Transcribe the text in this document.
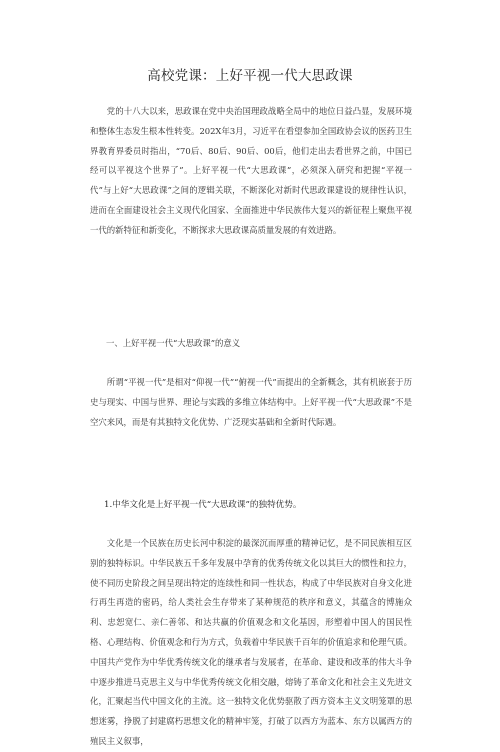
高校党课：上好平视一代大思政课

党的十八大以来，思政课在党中央治国理政战略全局中的地位日益凸显，发展环境和整体生态发生根本性转变。202X年3月，习近平在看望参加全国政协会议的医药卫生界教育界委员时指出，“70后、80后、90后、00后，他们走出去看世界之前，中国已经可以平视这个世界了”。上好平视一代“大思政课”，必须深入研究和把握“平视一代”与上好“大思政课”之间的逻辑关联，不断深化对新时代思政课建设的规律性认识，进而在全面建设社会主义现代化国家、全面推进中华民族伟大复兴的新征程上聚焦平视一代的新特征和新变化，不断探求大思政课高质量发展的有效进路。

一、上好平视一代“大思政课”的意义

所谓“平视一代”是相对“仰视一代”“俯视一代”而提出的全新概念，其有机嵌套于历史与现实、中国与世界、理论与实践的多维立体结构中。上好平视一代“大思政课”不是空穴来风，而是有其独特文化优势、广泛现实基础和全新时代际遇。

1.中华文化是上好平视一代“大思政课”的独特优势。

文化是一个民族在历史长河中积淀的最深沉而厚重的精神记忆，是不同民族相互区别的独特标识。中华民族五千多年发展中孕育的优秀传统文化以其巨大的惯性和拉力，使不同历史阶段之间呈现出特定的连续性和同一性状态，构成了中华民族对自身文化进行再生再造的密码，给人类社会生存带来了某种规范的秩序和意义，其蕴含的博施众利、忠恕宽仁、亲仁善邻、和达共赢的价值观念和文化基因，形塑着中国人的国民性格、心理结构、价值观念和行为方式，负载着中华民族千百年的价值追求和伦理气质。中国共产党作为中华优秀传统文化的继承者与发展者，在革命、建设和改革的伟大斗争中逐步推进马克思主义与中华优秀传统文化相交融，熔铸了革命文化和社会主义先进文化，汇聚起当代中国文化的主流。这一独特文化优势驱散了西方资本主义文明笼罩的思想迷雾，挣脱了封建腐朽思想文化的精神牢笼，打破了以西方为蓝本、东方以属西方的殖民主义叙事，
